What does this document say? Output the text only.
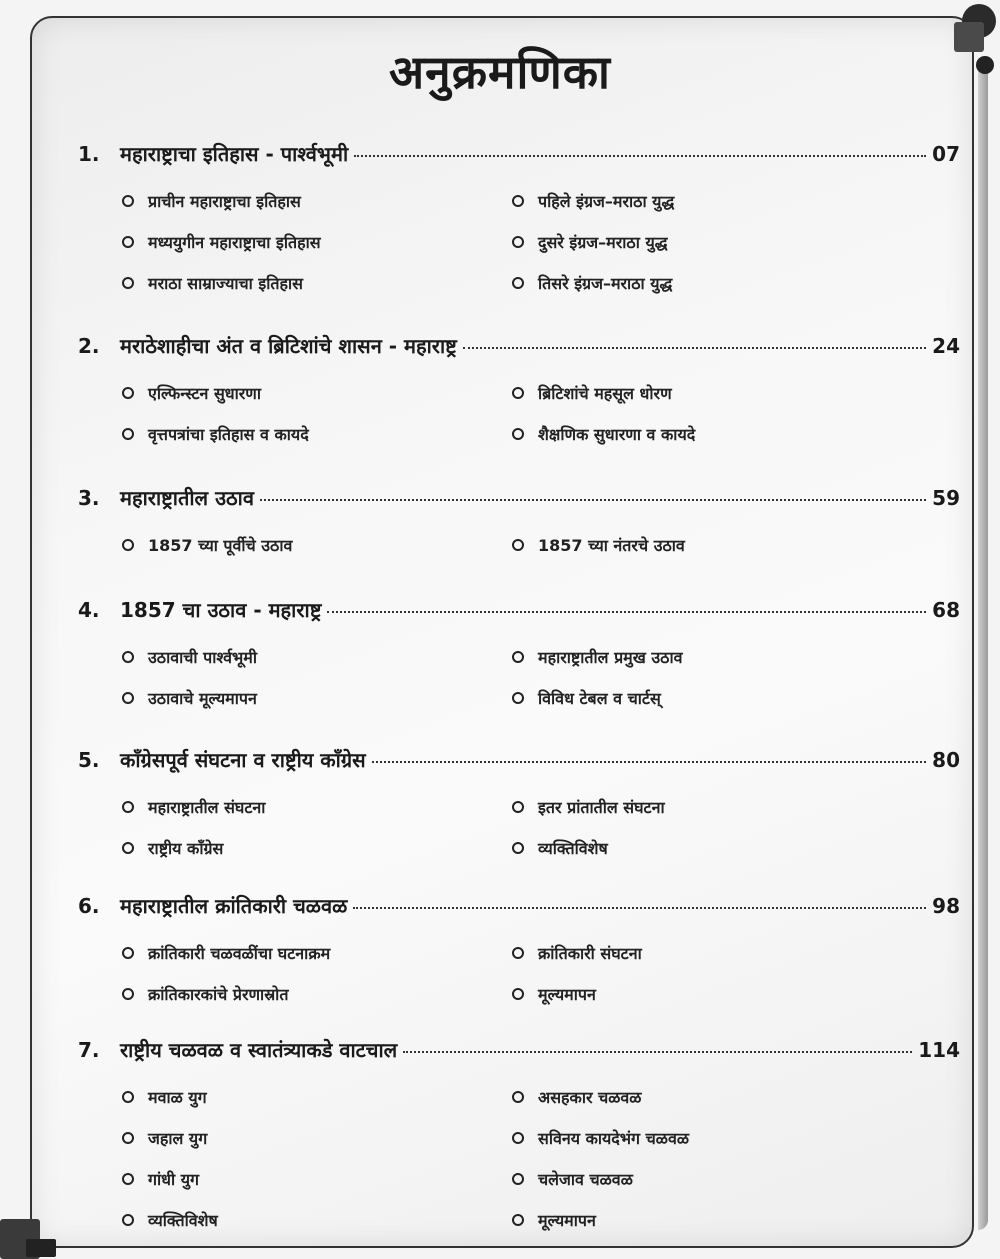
अनुक्रमणिका
1.	महाराष्ट्राचा इतिहास - पार्श्वभूमी	07
प्राचीन महाराष्ट्राचा इतिहास	पहिले इंग्रज–मराठा युद्ध
मध्ययुगीन महाराष्ट्राचा इतिहास	दुसरे इंग्रज–मराठा युद्ध
मराठा साम्राज्याचा इतिहास	तिसरे इंग्रज–मराठा युद्ध
2.	मराठेशाहीचा अंत व ब्रिटिशांचे शासन - महाराष्ट्र	24
एल्फिन्स्टन सुधारणा	ब्रिटिशांचे महसूल धोरण
वृत्तपत्रांचा इतिहास व कायदे	शैक्षणिक सुधारणा व कायदे
3.	महाराष्ट्रातील उठाव	59
1857 च्या पूर्वीचे उठाव	1857 च्या नंतरचे उठाव
4.	1857 चा उठाव - महाराष्ट्र	68
उठावाची पार्श्वभूमी	महाराष्ट्रातील प्रमुख उठाव
उठावाचे मूल्यमापन	विविध टेबल व चार्टस्
5.	काँग्रेसपूर्व संघटना व राष्ट्रीय काँग्रेस	80
महाराष्ट्रातील संघटना	इतर प्रांतातील संघटना
राष्ट्रीय काँग्रेस	व्यक्तिविशेष
6.	महाराष्ट्रातील क्रांतिकारी चळवळ	98
क्रांतिकारी चळवळींचा घटनाक्रम	क्रांतिकारी संघटना
क्रांतिकारकांचे प्रेरणास्रोत	मूल्यमापन
7.	राष्ट्रीय चळवळ व स्वातंत्र्याकडे वाटचाल	114
मवाळ युग	असहकार चळवळ
जहाल युग	सविनय कायदेभंग चळवळ
गांधी युग	चलेजाव चळवळ
व्यक्तिविशेष	मूल्यमापन
